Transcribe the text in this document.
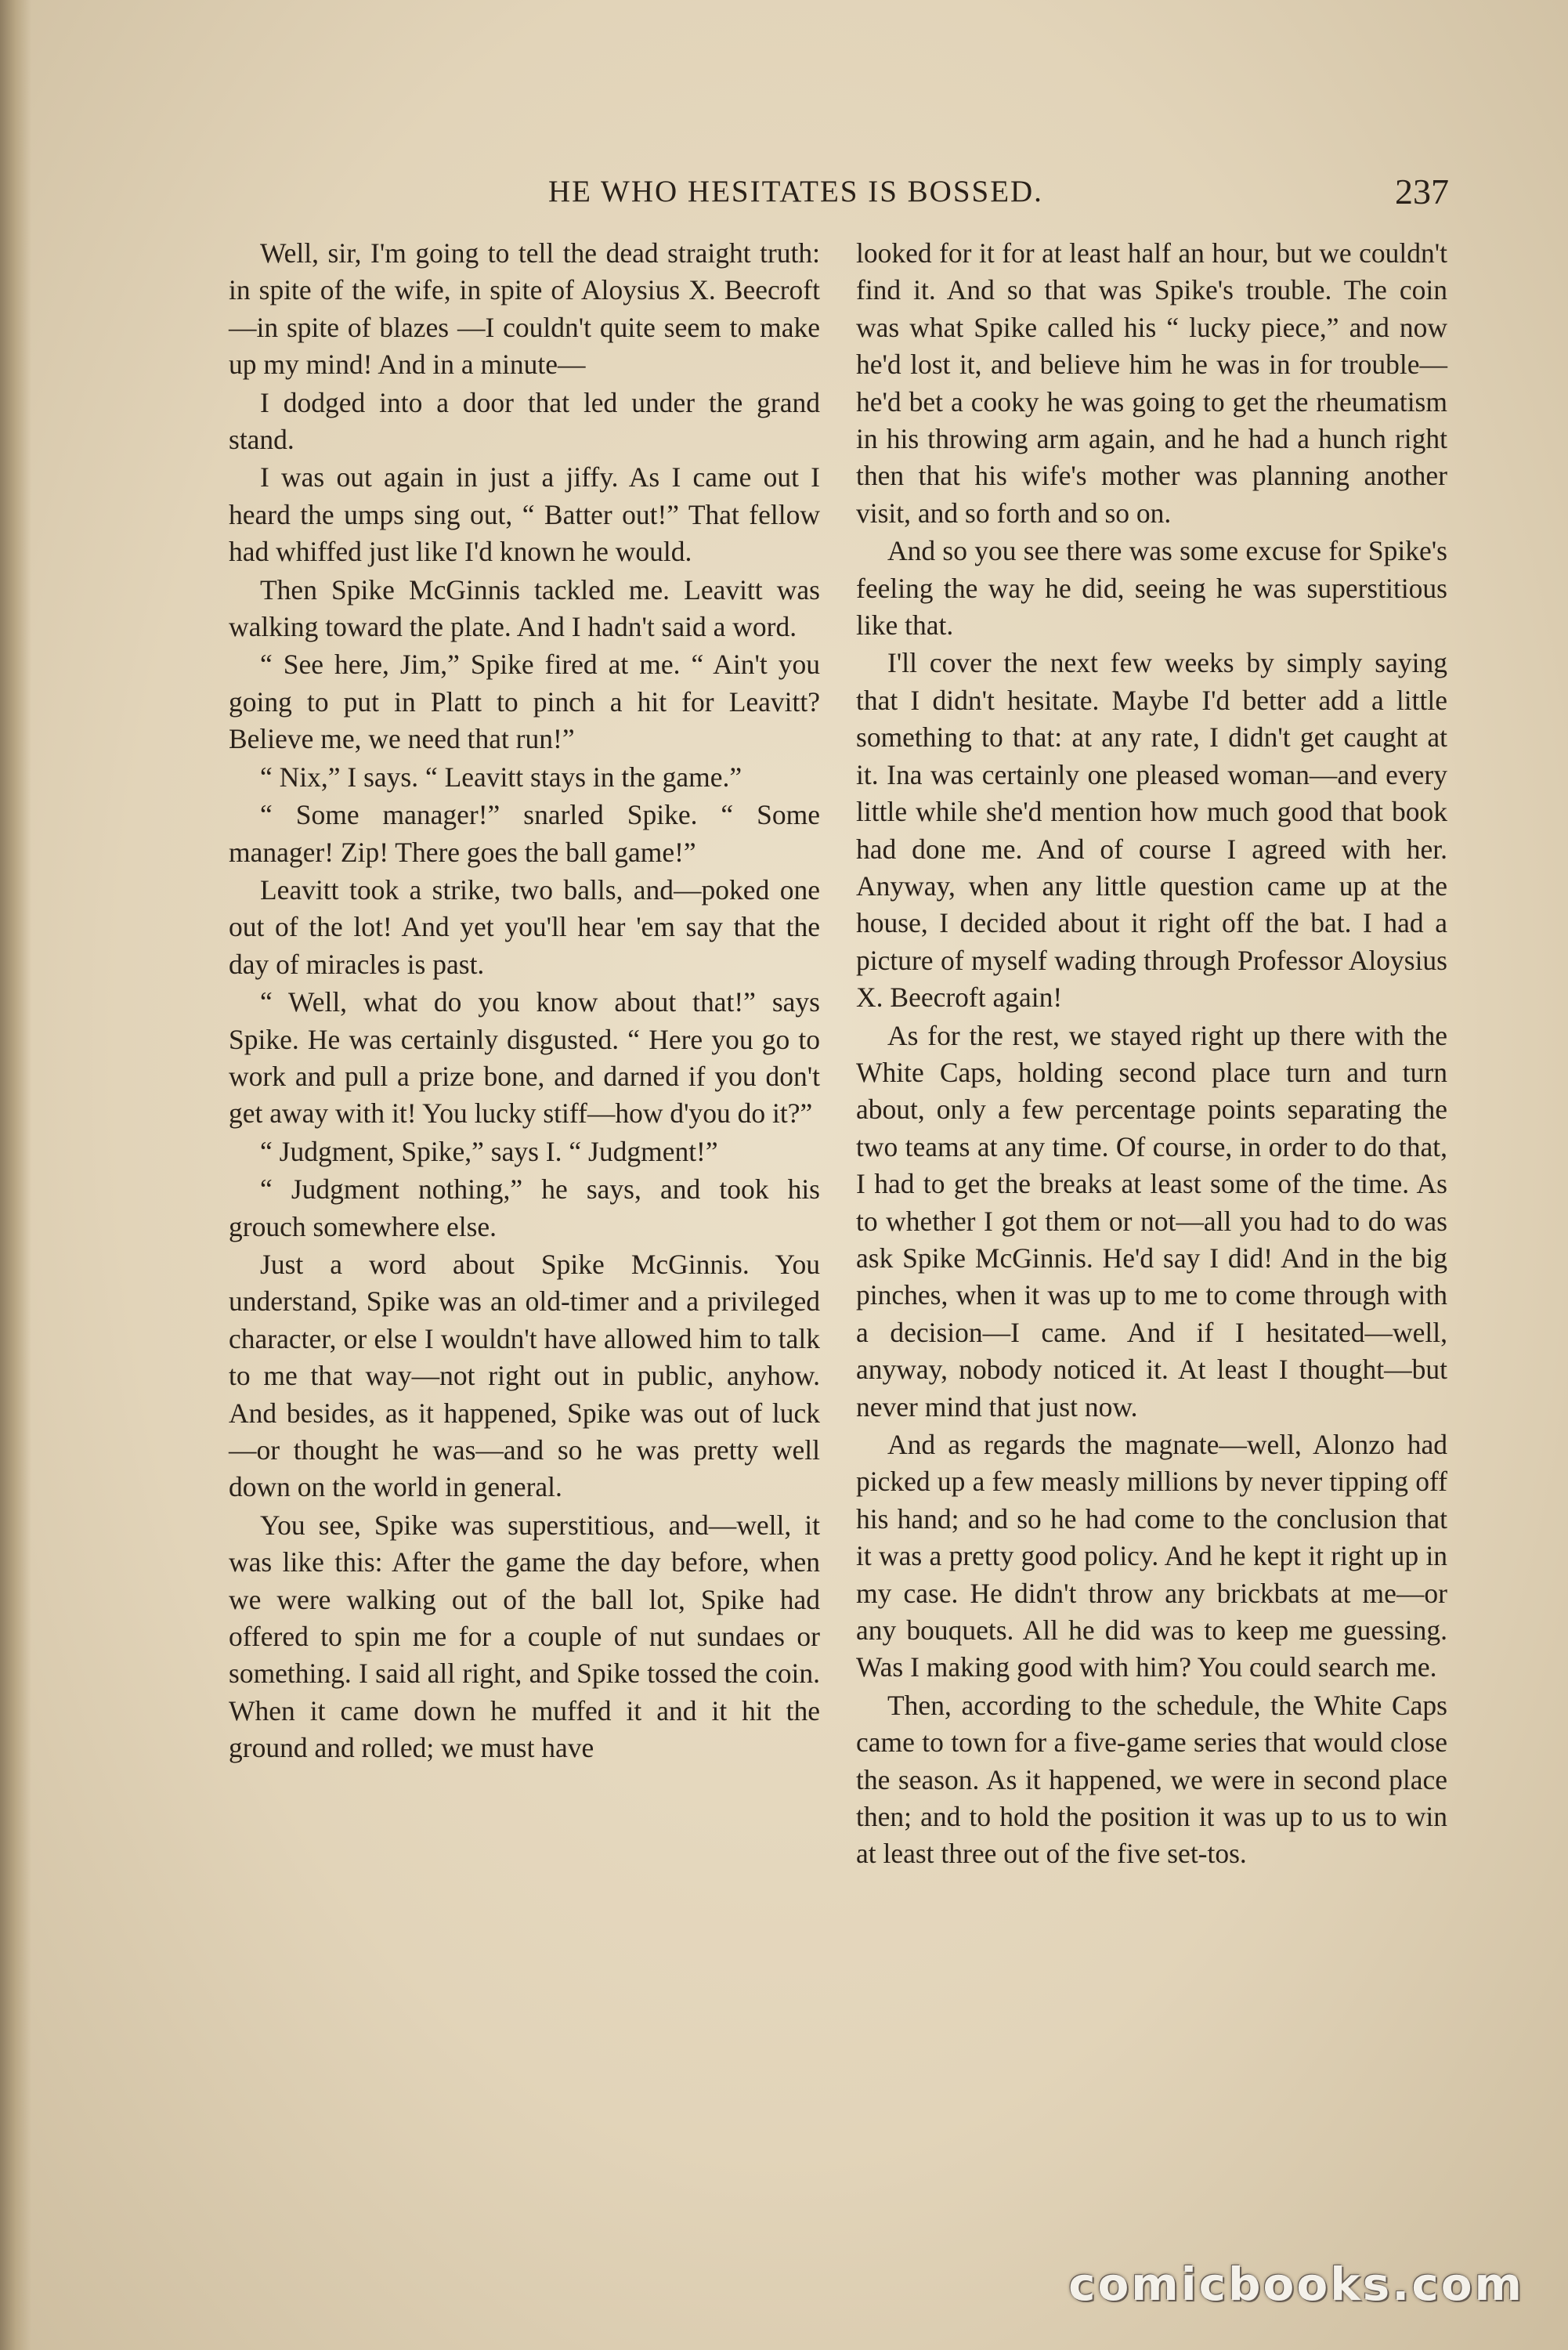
HE WHO HESITATES IS BOSSED.	237

Well, sir, I'm going to tell the dead straight truth: in spite of the wife, in spite of Aloysius X. Beecroft—in spite of blazes —I couldn't quite seem to make up my mind! And in a minute—

I dodged into a door that led under the grand stand.

I was out again in just a jiffy. As I came out I heard the umps sing out, “ Batter out!” That fellow had whiffed just like I'd known he would.

Then Spike McGinnis tackled me. Leavitt was walking toward the plate. And I hadn't said a word.

“ See here, Jim,” Spike fired at me. “ Ain't you going to put in Platt to pinch a hit for Leavitt? Believe me, we need that run!”

“ Nix,” I says. “ Leavitt stays in the game.”

“ Some manager!” snarled Spike. “ Some manager! Zip! There goes the ball game!”

Leavitt took a strike, two balls, and—poked one out of the lot! And yet you'll hear 'em say that the day of miracles is past.

“ Well, what do you know about that!” says Spike. He was certainly disgusted. “ Here you go to work and pull a prize bone, and darned if you don't get away with it! You lucky stiff—how d'you do it?”

“ Judgment, Spike,” says I. “ Judgment!”

“ Judgment nothing,” he says, and took his grouch somewhere else.

Just a word about Spike McGinnis. You understand, Spike was an old-timer and a privileged character, or else I wouldn't have allowed him to talk to me that way—not right out in public, anyhow. And besides, as it happened, Spike was out of luck—or thought he was—and so he was pretty well down on the world in general.

You see, Spike was superstitious, and—well, it was like this: After the game the day before, when we were walking out of the ball lot, Spike had offered to spin me for a couple of nut sundaes or something. I said all right, and Spike tossed the coin. When it came down he muffed it and it hit the ground and rolled; we must have

looked for it for at least half an hour, but we couldn't find it. And so that was Spike's trouble. The coin was what Spike called his “ lucky piece,” and now he'd lost it, and believe him he was in for trouble—he'd bet a cooky he was going to get the rheumatism in his throwing arm again, and he had a hunch right then that his wife's mother was planning another visit, and so forth and so on.

And so you see there was some excuse for Spike's feeling the way he did, seeing he was superstitious like that.

I'll cover the next few weeks by simply saying that I didn't hesitate. Maybe I'd better add a little something to that: at any rate, I didn't get caught at it. Ina was certainly one pleased woman—and every little while she'd mention how much good that book had done me. And of course I agreed with her. Anyway, when any little question came up at the house, I decided about it right off the bat. I had a picture of myself wading through Professor Aloysius X. Beecroft again!

As for the rest, we stayed right up there with the White Caps, holding second place turn and turn about, only a few percentage points separating the two teams at any time. Of course, in order to do that, I had to get the breaks at least some of the time. As to whether I got them or not—all you had to do was ask Spike McGinnis. He'd say I did! And in the big pinches, when it was up to me to come through with a decision—I came. And if I hesitated—well, anyway, nobody noticed it. At least I thought—but never mind that just now.

And as regards the magnate—well, Alonzo had picked up a few measly millions by never tipping off his hand; and so he had come to the conclusion that it was a pretty good policy. And he kept it right up in my case. He didn't throw any brickbats at me—or any bouquets. All he did was to keep me guessing. Was I making good with him? You could search me.

Then, according to the schedule, the White Caps came to town for a five-game series that would close the season. As it happened, we were in second place then; and to hold the position it was up to us to win at least three out of the five set-tos.

comicbooks.com
